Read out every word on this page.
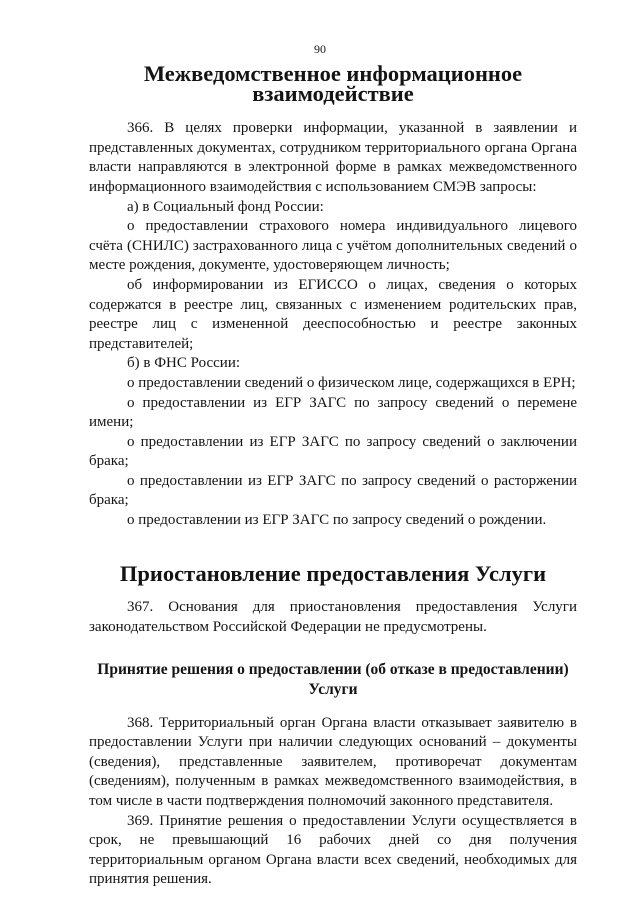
90
Межведомственное информационное взаимодействие

366. В целях проверки информации, указанной в заявлении и представленных документах, сотрудником территориального органа Органа власти направляются в электронной форме в рамках межведомственного информационного взаимодействия с использованием СМЭВ запросы:

а) в Социальный фонд России:

о предоставлении страхового номера индивидуального лицевого счёта (СНИЛС) застрахованного лица с учётом дополнительных сведений о месте рождения, документе, удостоверяющем личность;

об информировании из ЕГИССО о лицах, сведения о которых содержатся в реестре лиц, связанных с изменением родительских прав, реестре лиц с измененной дееспособностью и реестре законных представителей;

б) в ФНС России:

о предоставлении сведений о физическом лице, содержащихся в ЕРН;

о предоставлении из ЕГР ЗАГС по запросу сведений о перемене имени;

о предоставлении из ЕГР ЗАГС по запросу сведений о заключении брака;

о предоставлении из ЕГР ЗАГС по запросу сведений о расторжении брака;

о предоставлении из ЕГР ЗАГС по запросу сведений о рождении.

Приостановление предоставления Услуги

367. Основания для приостановления предоставления Услуги законодательством Российской Федерации не предусмотрены.

Принятие решения о предоставлении (об отказе в предоставлении) Услуги

368. Территориальный орган Органа власти отказывает заявителю в предоставлении Услуги при наличии следующих оснований – документы (сведения), представленные заявителем, противоречат документам (сведениям), полученным в рамках межведомственного взаимодействия, в том числе в части подтверждения полномочий законного представителя.

369. Принятие решения о предоставлении Услуги осуществляется в срок, не превышающий 16 рабочих дней со дня получения территориальным органом Органа власти всех сведений, необходимых для принятия решения.
